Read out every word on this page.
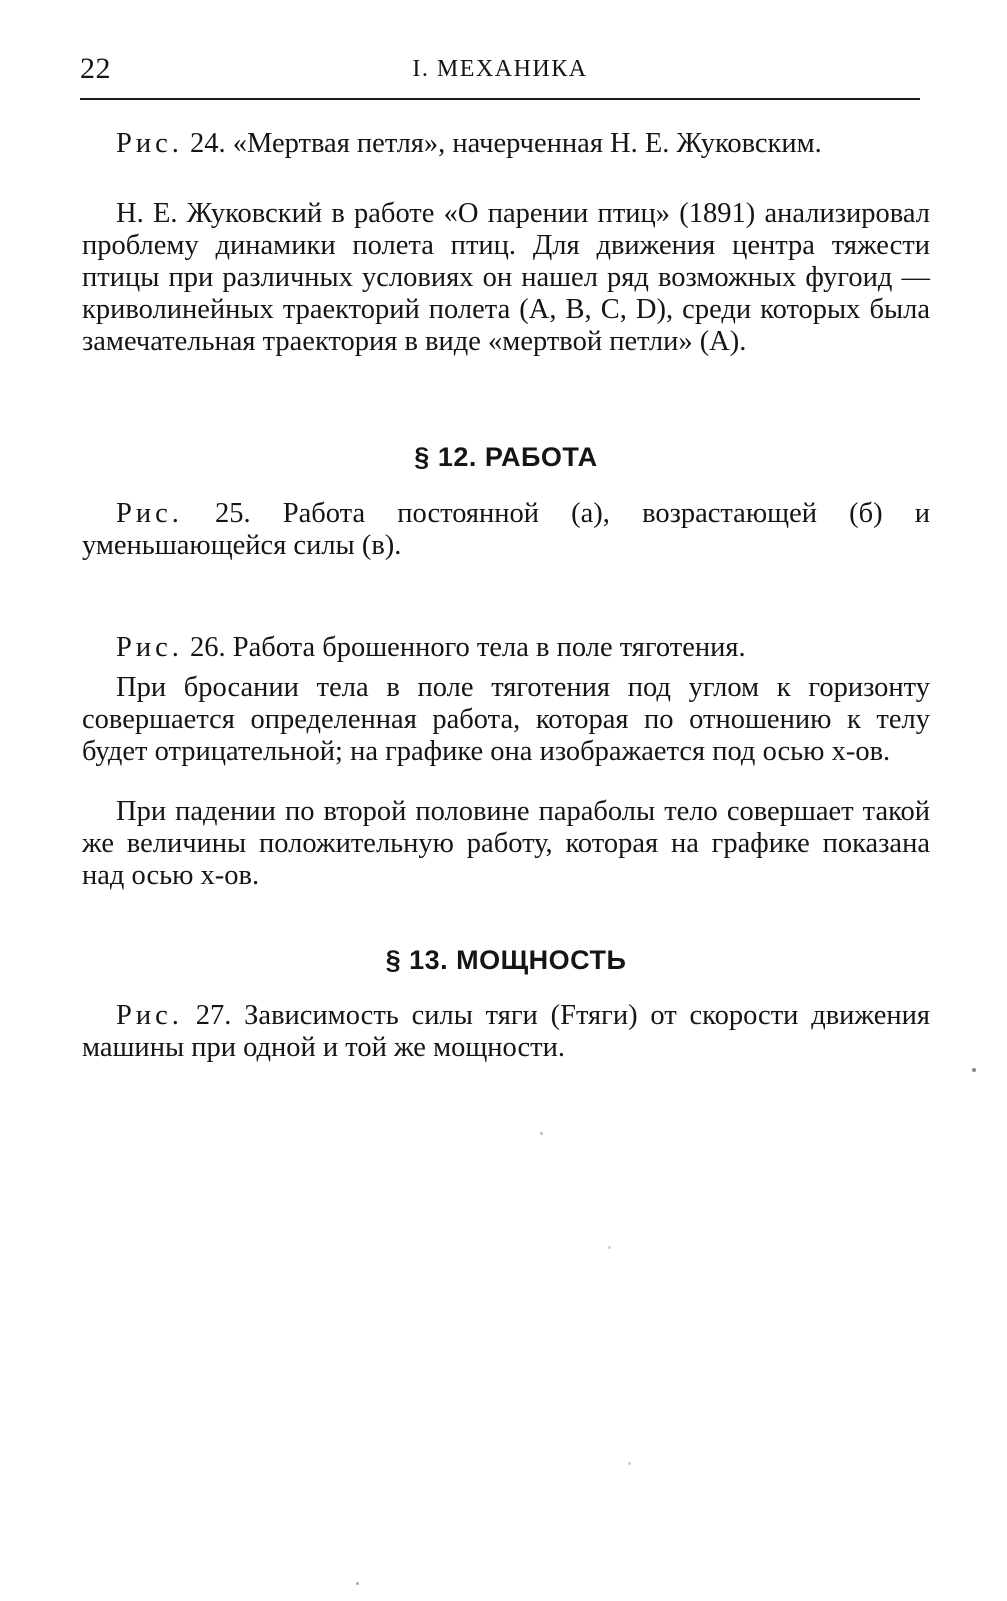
22	I. МЕХАНИКА

Рис. 24. «Мертвая петля», начерченная Н. Е. Жуковским.

Н. Е. Жуковский в работе «О парении птиц» (1891) анализировал проблему динамики полета птиц. Для движения центра тяжести птицы при различных условиях он нашел ряд возможных фугоид — криволинейных траекторий полета (A, B, C, D), среди которых была замечательная траектория в виде «мертвой петли» (A).

§ 12. РАБОТА

Рис. 25. Работа постоянной (а), возрастающей (б) и уменьшающейся силы (в).

Рис. 26. Работа брошенного тела в поле тяготения.

При бросании тела в поле тяготения под углом к горизонту совершается определенная работа, которая по отношению к телу будет отрицательной; на графике она изображается под осью x-ов.

При падении по второй половине параболы тело совершает такой же величины положительную работу, которая на графике показана над осью x-ов.

§ 13. МОЩНОСТЬ

Рис. 27. Зависимость силы тяги (Fтяги) от скорости движения машины при одной и той же мощности.
